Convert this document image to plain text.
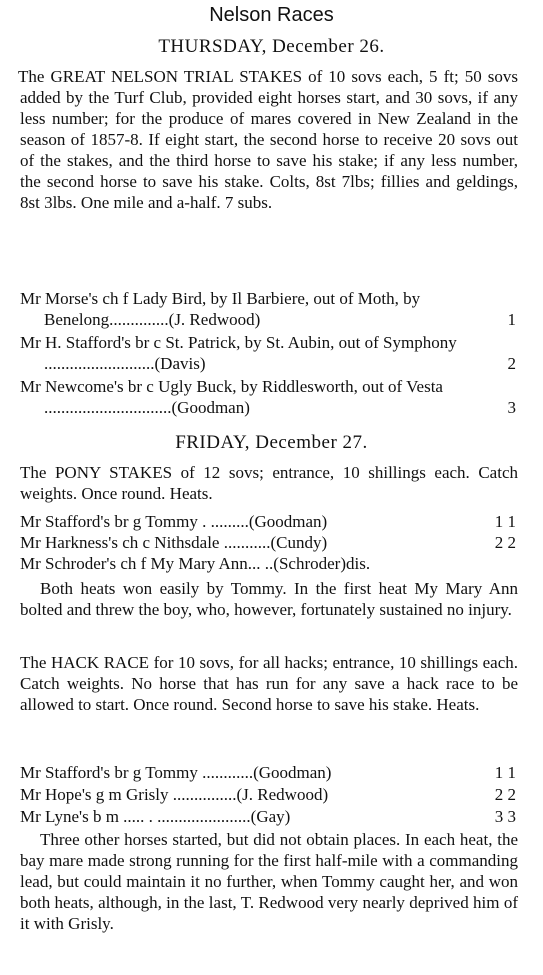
Nelson Races
THURSDAY, December 26.
The GREAT NELSON TRIAL STAKES of 10 sovs each, 5 ft; 50 sovs added by the Turf Club, provided eight horses start, and 30 sovs, if any less number; for the produce of mares covered in New Zealand in the season of 1857-8. If eight start, the second horse to receive 20 sovs out of the stakes, and the third horse to save his stake; if any less number, the second horse to save his stake. Colts, 8st 7lbs; fillies and geldings, 8st 3lbs. One mile and a-half. 7 subs.
Mr Morse's ch f Lady Bird, by Il Barbiere, out of Moth, by Benelong..............(J. Redwood)	1
Mr H. Stafford's br c St. Patrick, by St. Aubin, out of Symphony ..........................(Davis)	2
Mr Newcome's br c Ugly Buck, by Riddlesworth, out of Vesta ..............................(Goodman)	3
FRIDAY, December 27.
The PONY STAKES of 12 sovs; entrance, 10 shillings each. Catch weights. Once round. Heats.
Mr Stafford's br g Tommy . .........(Goodman)	1 1
Mr Harkness's ch c Nithsdale ...........(Cundy)	2 2
Mr Schroder's ch f My Mary Ann... ..(Schroder)dis.
Both heats won easily by Tommy. In the first heat My Mary Ann bolted and threw the boy, who, however, fortunately sustained no injury.
The HACK RACE for 10 sovs, for all hacks; entrance, 10 shillings each. Catch weights. No horse that has run for any save a hack race to be allowed to start. Once round. Second horse to save his stake. Heats.
Mr Stafford's br g Tommy ............(Goodman)	1 1
Mr Hope's g m Grisly ...............(J. Redwood)	2 2
Mr Lyne's b m ..... . ......................(Gay)	3 3
Three other horses started, but did not obtain places. In each heat, the bay mare made strong running for the first half-mile with a commanding lead, but could maintain it no further, when Tommy caught her, and won both heats, although, in the last, T. Redwood very nearly deprived him of it with Grisly.
